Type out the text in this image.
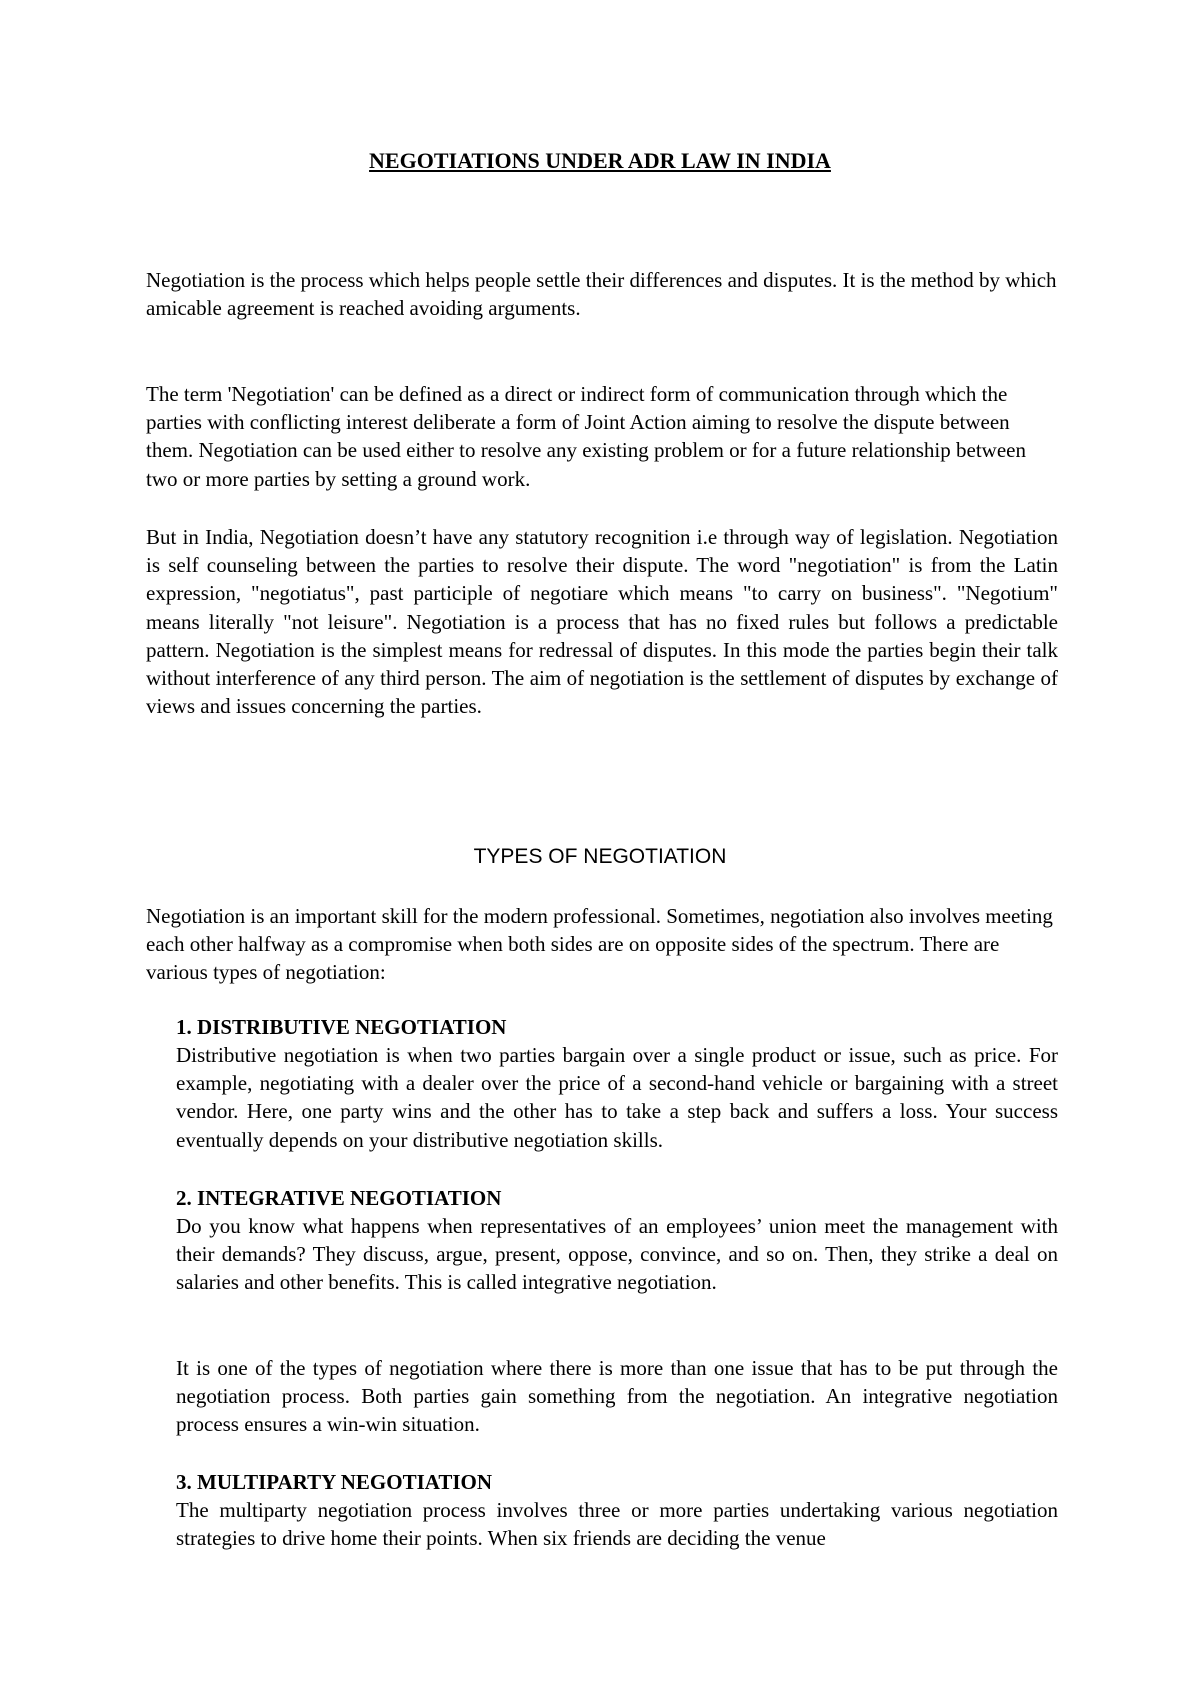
NEGOTIATIONS UNDER ADR LAW IN INDIA

Negotiation is the process which helps people settle their differences and disputes. It is the method by which amicable agreement is reached avoiding arguments.

The term 'Negotiation' can be defined as a direct or indirect form of communication through which the parties with conflicting interest deliberate a form of Joint Action aiming to resolve the dispute between them. Negotiation can be used either to resolve any existing problem or for a future relationship between two or more parties by setting a ground work.

But in India, Negotiation doesn’t have any statutory recognition i.e through way of legislation. Negotiation is self counseling between the parties to resolve their dispute. The word "negotiation" is from the Latin expression, "negotiatus", past participle of negotiare which means "to carry on business". "Negotium" means literally "not leisure". Negotiation is a process that has no fixed rules but follows a predictable pattern. Negotiation is the simplest means for redressal of disputes. In this mode the parties begin their talk without interference of any third person. The aim of negotiation is the settlement of disputes by exchange of views and issues concerning the parties.

TYPES OF NEGOTIATION

Negotiation is an important skill for the modern professional. Sometimes, negotiation also involves meeting each other halfway as a compromise when both sides are on opposite sides of the spectrum. There are various types of negotiation:

1. DISTRIBUTIVE NEGOTIATION

Distributive negotiation is when two parties bargain over a single product or issue, such as price. For example, negotiating with a dealer over the price of a second-hand vehicle or bargaining with a street vendor. Here, one party wins and the other has to take a step back and suffers a loss. Your success eventually depends on your distributive negotiation skills.

2. INTEGRATIVE NEGOTIATION

Do you know what happens when representatives of an employees’ union meet the management with their demands? They discuss, argue, present, oppose, convince, and so on. Then, they strike a deal on salaries and other benefits. This is called integrative negotiation.

It is one of the types of negotiation where there is more than one issue that has to be put through the negotiation process. Both parties gain something from the negotiation. An integrative negotiation process ensures a win-win situation.

3. MULTIPARTY NEGOTIATION

The multiparty negotiation process involves three or more parties undertaking various negotiation strategies to drive home their points. When six friends are deciding the venue
